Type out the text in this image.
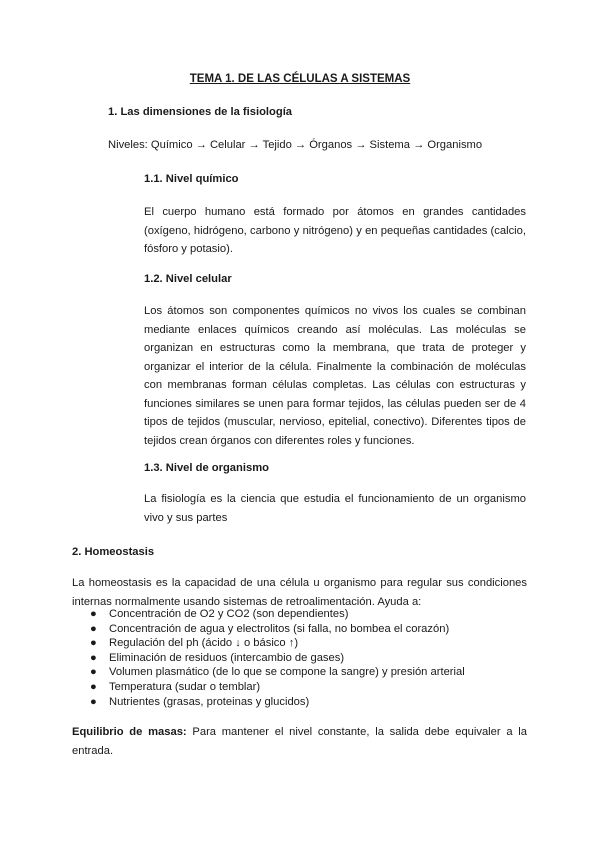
TEMA 1. DE LAS CÉLULAS A SISTEMAS
1. Las dimensiones de la fisiología
Niveles: Químico → Celular → Tejido → Órganos → Sistema → Organismo
1.1. Nivel químico
El cuerpo humano está formado por átomos en grandes cantidades (oxígeno, hidrógeno, carbono y nitrógeno) y en pequeñas cantidades (calcio, fósforo y potasio).
1.2. Nivel celular
Los átomos son componentes químicos no vivos los cuales se combinan mediante enlaces químicos creando así moléculas. Las moléculas se organizan en estructuras como la membrana, que trata de proteger y organizar el interior de la célula. Finalmente la combinación de moléculas con membranas forman células completas. Las células con estructuras y funciones similares se unen para formar tejidos, las células pueden ser de 4 tipos de tejidos (muscular, nervioso, epitelial, conectivo). Diferentes tipos de tejidos crean órganos con diferentes roles y funciones.
1.3. Nivel de organismo
La fisiología es la ciencia que estudia el funcionamiento de un organismo vivo y sus partes
2. Homeostasis
La homeostasis es la capacidad de una célula u organismo para regular sus condiciones internas normalmente usando sistemas de retroalimentación. Ayuda a:
● Concentración de O2 y CO2 (son dependientes)
● Concentración de agua y electrolitos (si falla, no bombea el corazón)
● Regulación del ph (ácido ↓ o básico ↑)
● Eliminación de residuos (intercambio de gases)
● Volumen plasmático (de lo que se compone la sangre) y presión arterial
● Temperatura (sudar o temblar)
● Nutrientes (grasas, proteinas y glucidos)
Equilibrio de masas: Para mantener el nivel constante, la salida debe equivaler a la entrada.
